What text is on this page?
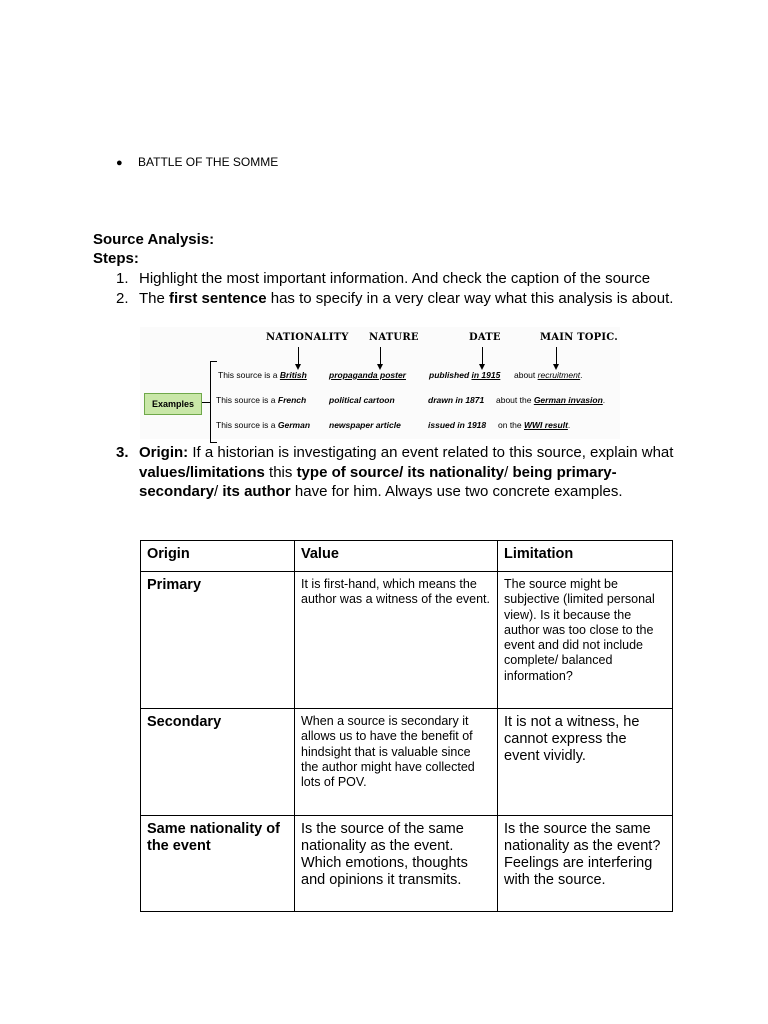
● BATTLE OF THE SOMME
Source Analysis:
Steps:
1. Highlight the most important information. And check the caption of the source
2. The first sentence has to specify in a very clear way what this analysis is about.
NATIONALITY NATURE	DATE	MAIN TOPIC.
Examples
This source is a British	propaganda poster	published in 1915 about recruitment.
This source is a French	political cartoon	drawn in 1871 about the German invasion.
This source is a German newspaper article	issued in 1918 on the WWI result.
3. Origin: If a historian is investigating an event related to this source, explain what values/limitations this type of source/ its nationality/ being primary-secondary/ its author have for him. Always use two concrete examples.
Origin	Value	Limitation
Primary	It is first-hand, which means the author was a witness of the event.	The source might be subjective (limited personal view). Is it because the author was too close to the event and did not include complete/ balanced information?
Secondary	When a source is secondary it allows us to have the benefit of hindsight that is valuable since the author might have collected lots of POV.	It is not a witness, he cannot express the event vividly.
Same nationality of the event	Is the source of the same nationality as the event. Which emotions, thoughts and opinions it transmits.	Is the source the same nationality as the event? Feelings are interfering with the source.
